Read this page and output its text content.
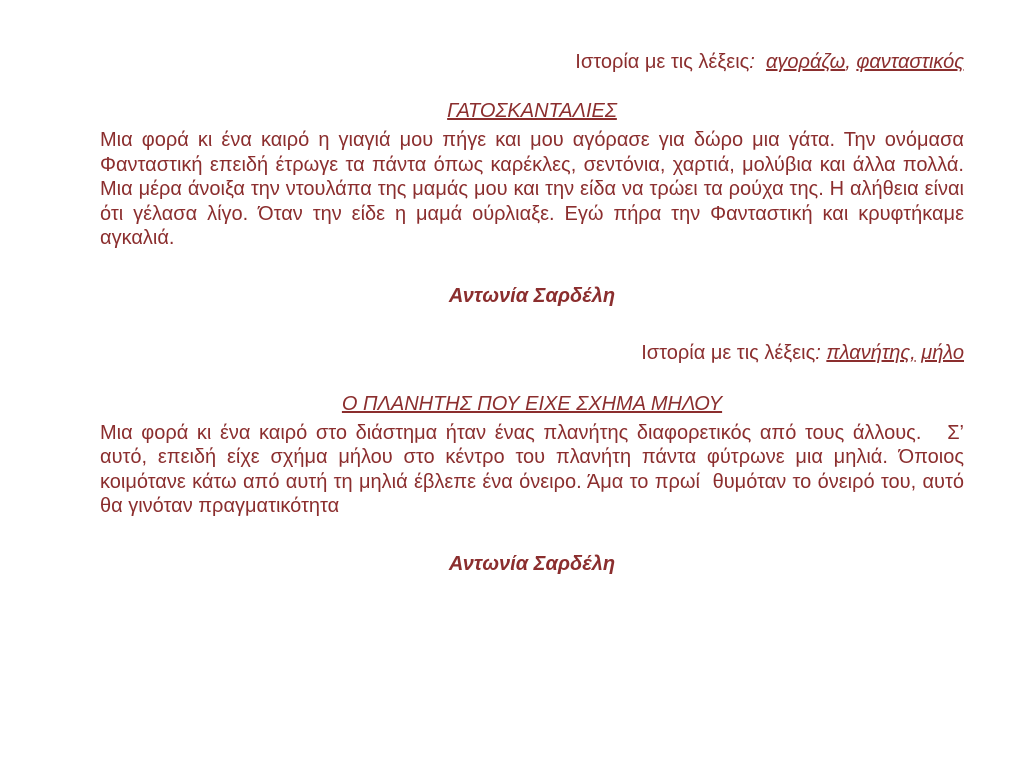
Ιστορία με τις λέξεις: αγοράζω, φανταστικός

ΓΑΤΟΣΚΑΝΤΑΛΙΕΣ

Μια φορά κι ένα καιρό η γιαγιά μου πήγε και μου αγόρασε για δώρο μια γάτα. Την ονόμασα Φανταστική επειδή έτρωγε τα πάντα όπως καρέκλες, σεντόνια, χαρτιά, μολύβια και άλλα πολλά. Μια μέρα άνοιξα την ντουλάπα της μαμάς μου και την είδα να τρώει τα ρούχα της. Η αλήθεια είναι ότι γέλασα λίγο. Όταν την είδε η μαμά ούρλιαξε. Εγώ πήρα την Φανταστική και κρυφτήκαμε αγκαλιά.

Αντωνία Σαρδέλη

Ιστορία με τις λέξεις: πλανήτης, μήλο

Ο ΠΛΑΝΗΤΗΣ ΠΟΥ ΕΙΧΕ ΣΧΗΜΑ ΜΗΛΟΥ

Μια φορά κι ένα καιρό στο διάστημα ήταν ένας πλανήτης διαφορετικός από τους άλλους.   Σ’ αυτό, επειδή είχε σχήμα μήλου στο κέντρο του πλανήτη πάντα φύτρωνε μια μηλιά. Όποιος κοιμότανε κάτω από αυτή τη μηλιά έβλεπε ένα όνειρο. Άμα το πρωί  θυμόταν το όνειρό του, αυτό θα γινόταν πραγματικότητα

Αντωνία Σαρδέλη
